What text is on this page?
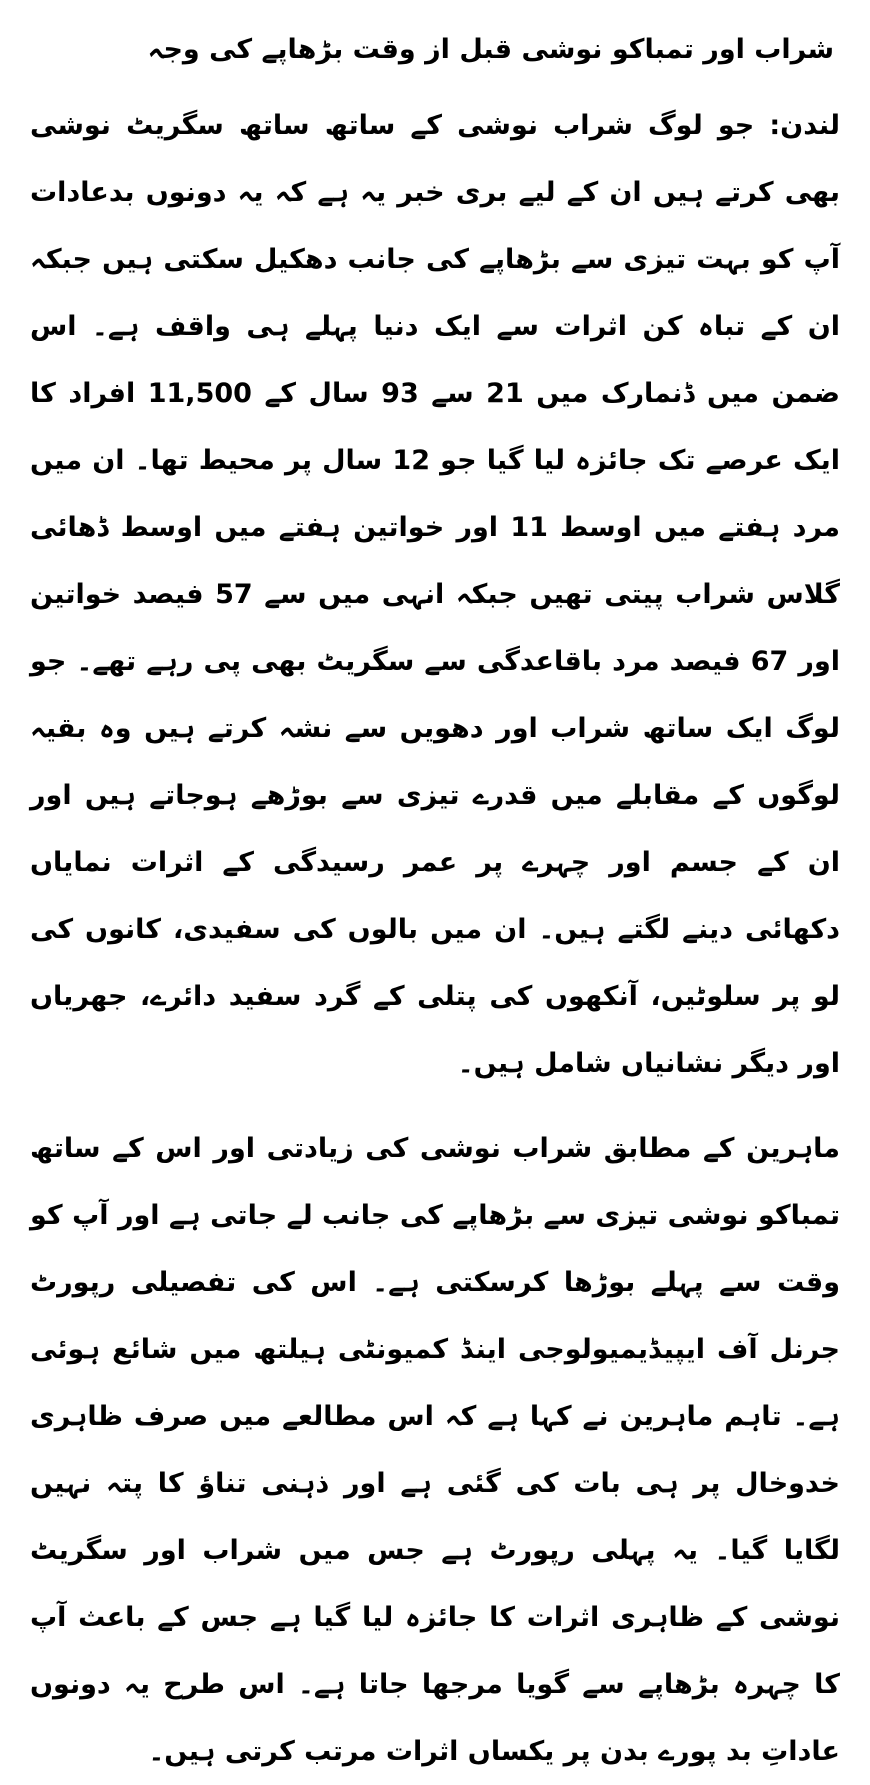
شراب اور تمباکو نوشی قبل از وقت بڑھاپے کی وجہ

لندن: جو لوگ شراب نوشی کے ساتھ ساتھ سگریٹ نوشی بھی کرتے ہیں ان کے لیے بری خبر یہ ہے کہ یہ دونوں بدعادات آپ کو بہت تیزی سے بڑھاپے کی جانب دھکیل سکتی ہیں جبکہ ان کے تباہ کن اثرات سے ایک دنیا پہلے ہی واقف ہے۔ اس ضمن میں ڈنمارک میں 21 سے 93 سال کے 11,500 افراد کا ایک عرصے تک جائزہ لیا گیا جو 12 سال پر محیط تھا۔ ان میں مرد ہفتے میں اوسط 11 اور خواتین ہفتے میں اوسط ڈھائی گلاس شراب پیتی تھیں جبکہ انہی میں سے 57 فیصد خواتین اور 67 فیصد مرد باقاعدگی سے سگریٹ بھی پی رہے تھے۔ جو لوگ ایک ساتھ شراب اور دھویں سے نشہ کرتے ہیں وہ بقیہ لوگوں کے مقابلے میں قدرے تیزی سے بوڑھے ہوجاتے ہیں اور ان کے جسم اور چہرے پر عمر رسیدگی کے اثرات نمایاں دکھائی دینے لگتے ہیں۔ ان میں بالوں کی سفیدی، کانوں کی لو پر سلوٹیں، آنکھوں کی پتلی کے گرد سفید دائرے، جھریاں اور دیگر نشانیاں شامل ہیں۔

ماہرین کے مطابق شراب نوشی کی زیادتی اور اس کے ساتھ تمباکو نوشی تیزی سے بڑھاپے کی جانب لے جاتی ہے اور آپ کو وقت سے پہلے بوڑھا کرسکتی ہے۔ اس کی تفصیلی رپورٹ جرنل آف ایپیڈیمیولوجی اینڈ کمیونٹی ہیلتھ میں شائع ہوئی ہے۔ تاہم ماہرین نے کہا ہے کہ اس مطالعے میں صرف ظاہری خدوخال پر ہی بات کی گئی ہے اور ذہنی تناؤ کا پتہ نہیں لگایا گیا۔ یہ پہلی رپورٹ ہے جس میں شراب اور سگریٹ نوشی کے ظاہری اثرات کا جائزہ لیا گیا ہے جس کے باعث آپ کا چہرہ بڑھاپے سے گویا مرجھا جاتا ہے۔ اس طرح یہ دونوں عاداتِ بد پورے بدن پر یکساں اثرات مرتب کرتی ہیں۔
